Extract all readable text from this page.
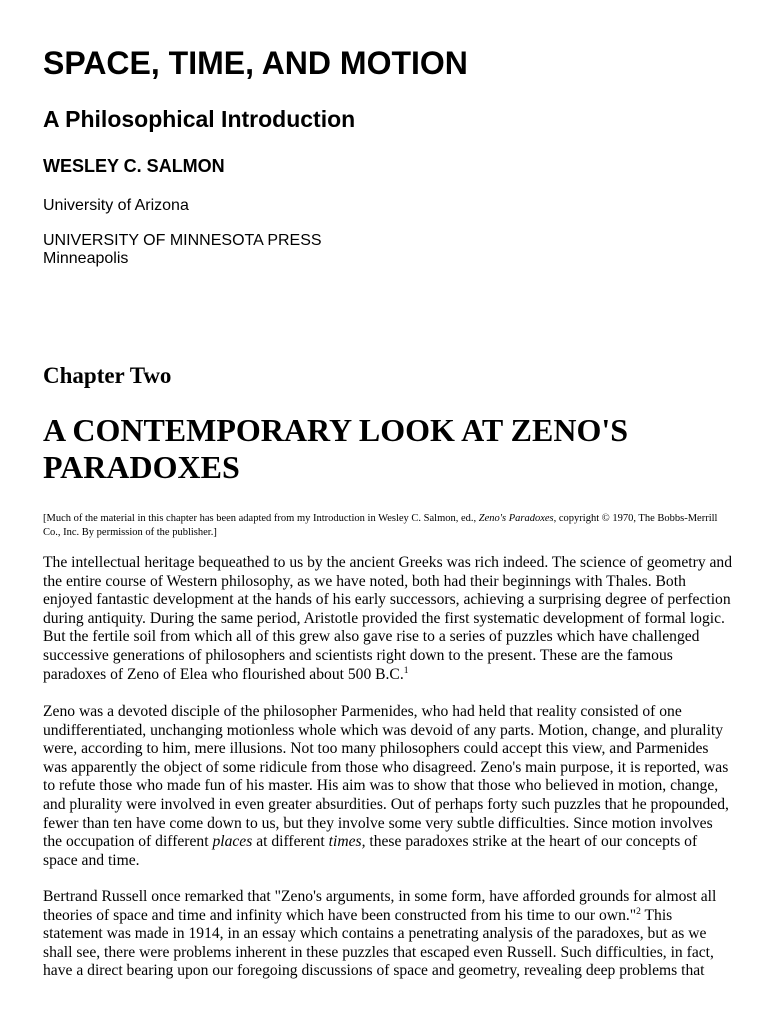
SPACE, TIME, AND MOTION
A Philosophical Introduction
WESLEY C. SALMON
University of Arizona
UNIVERSITY OF MINNESOTA PRESS
Minneapolis
Chapter Two
A CONTEMPORARY LOOK AT ZENO'S PARADOXES

[Much of the material in this chapter has been adapted from my Introduction in Wesley C. Salmon, ed., Zeno's Paradoxes, copyright © 1970, The Bobbs-Merrill Co., Inc. By permission of the publisher.]

The intellectual heritage bequeathed to us by the ancient Greeks was rich indeed. The science of geometry and the entire course of Western philosophy, as we have noted, both had their beginnings with Thales. Both enjoyed fantastic development at the hands of his early successors, achieving a surprising degree of perfection during antiquity. During the same period, Aristotle provided the first systematic development of formal logic. But the fertile soil from which all of this grew also gave rise to a series of puzzles which have challenged successive generations of philosophers and scientists right down to the present. These are the famous paradoxes of Zeno of Elea who flourished about 500 B.C.$^1$

Zeno was a devoted disciple of the philosopher Parmenides, who had held that reality consisted of one undifferentiated, unchanging motionless whole which was devoid of any parts. Motion, change, and plurality were, according to him, mere illusions. Not too many philosophers could accept this view, and Parmenides was apparently the object of some ridicule from those who disagreed. Zeno's main purpose, it is reported, was to refute those who made fun of his master. His aim was to show that those who believed in motion, change, and plurality were involved in even greater absurdities. Out of perhaps forty such puzzles that he propounded, fewer than ten have come down to us, but they involve some very subtle difficulties. Since motion involves the occupation of different places at different times, these paradoxes strike at the heart of our concepts of space and time.

Bertrand Russell once remarked that "Zeno's arguments, in some form, have afforded grounds for almost all theories of space and time and infinity which have been constructed from his time to our own."$^2$ This statement was made in 1914, in an essay which contains a penetrating analysis of the paradoxes, but as we shall see, there were problems inherent in these puzzles that escaped even Russell. Such difficulties, in fact, have a direct bearing upon our foregoing discussions of space and geometry, revealing deep problems that
